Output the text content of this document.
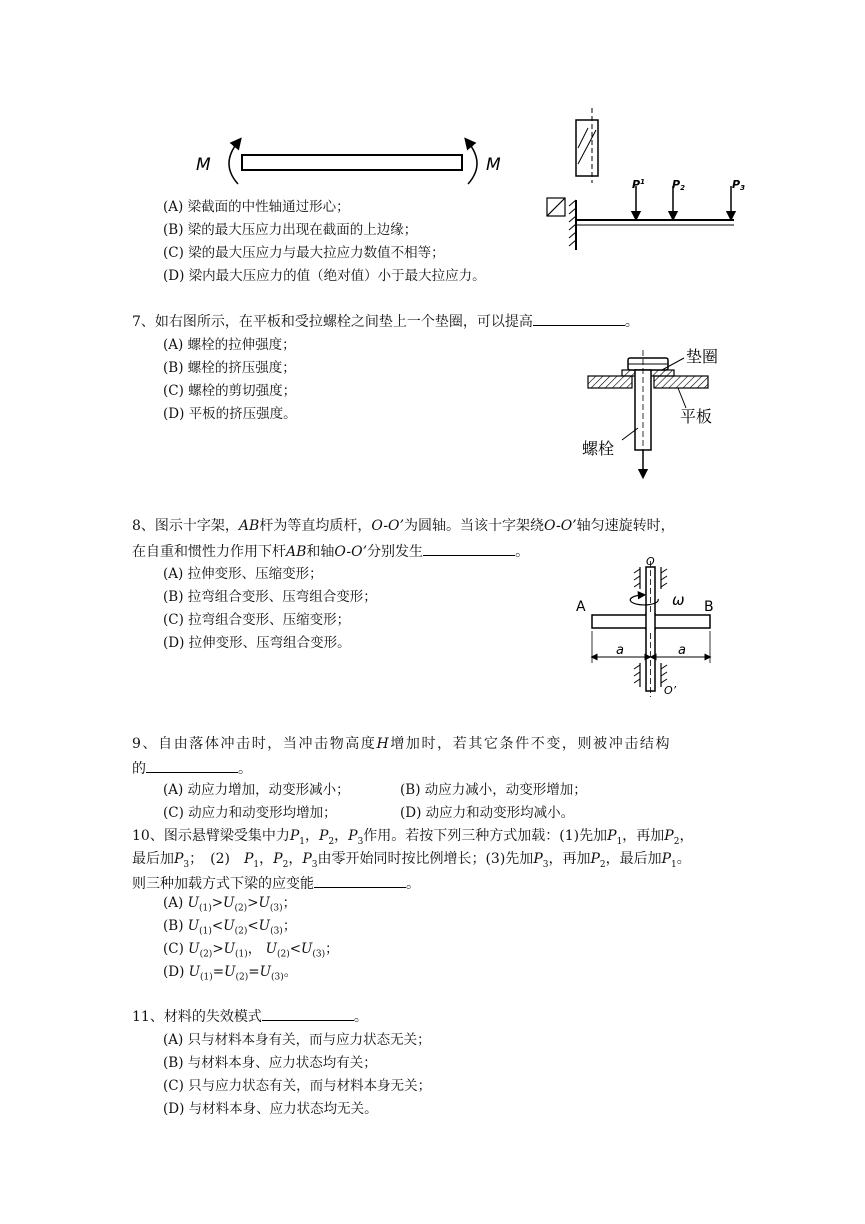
M	M
$P^1$ P2	P3
(A) 梁截面的中性轴通过形心；
(B) 梁的最大压应力出现在截面的上边缘；
(C) 梁的最大压应力与最大拉应力数值不相等；
(D) 梁内最大压应力的值（绝对值）小于最大拉应力。
7、如右图所示，在平板和受拉螺栓之间垫上一个垫圈，可以提高	。
(A) 螺栓的拉伸强度；
(B) 螺栓的挤压强度；
(C) 螺栓的剪切强度；
(D) 平板的挤压强度。
垫圈
平板
螺栓
8、图示十字架，AB杆为等直均质杆，O-O’为圆轴。当该十字架绕O-O’轴匀速旋转时，
在自重和惯性力作用下杆AB和轴O-O’分别发生	。
(A) 拉伸变形、压缩变形；
(B) 拉弯组合变形、压弯组合变形；
(C) 拉弯组合变形、压缩变形；
(D) 拉伸变形、压弯组合变形。
A	B
O
O’
ω
a	a
9、自由落体冲击时，当冲击物高度H增加时，若其它条件不变，则被冲击结构
的	。
(A) 动应力增加，动变形减小；	(B) 动应力减小，动变形增加；
(C) 动应力和动变形均增加；	(D) 动应力和动变形均减小。
10、图示悬臂梁受集中力$P_1$，$P_2$，$P_3$作用。若按下列三种方式加载：(1)先加$P_1$，再加$P_2$，
最后加$P_3$；　(2)　 $P_1$，$P_2$，$P_3$由零开始同时按比例增长；(3)先加$P_3$，再加$P_2$，最后加$P_1$。
则三种加载方式下梁的应变能	。
(A) $U_{(1)}>U_{(2)}>U_{(3)}$；
(B) $U_{(1)}<U_{(2)}<U_{(3)}$；
(C) $U_{(2)}>U_{(1)}$， $U_{(2)}<U_{(3)}$；
(D) $U_{(1)}=U_{(2)}=U_{(3)}$。
11、材料的失效模式	。
(A) 只与材料本身有关，而与应力状态无关；
(B) 与材料本身、应力状态均有关；
(C) 只与应力状态有关，而与材料本身无关；
(D) 与材料本身、应力状态均无关。
